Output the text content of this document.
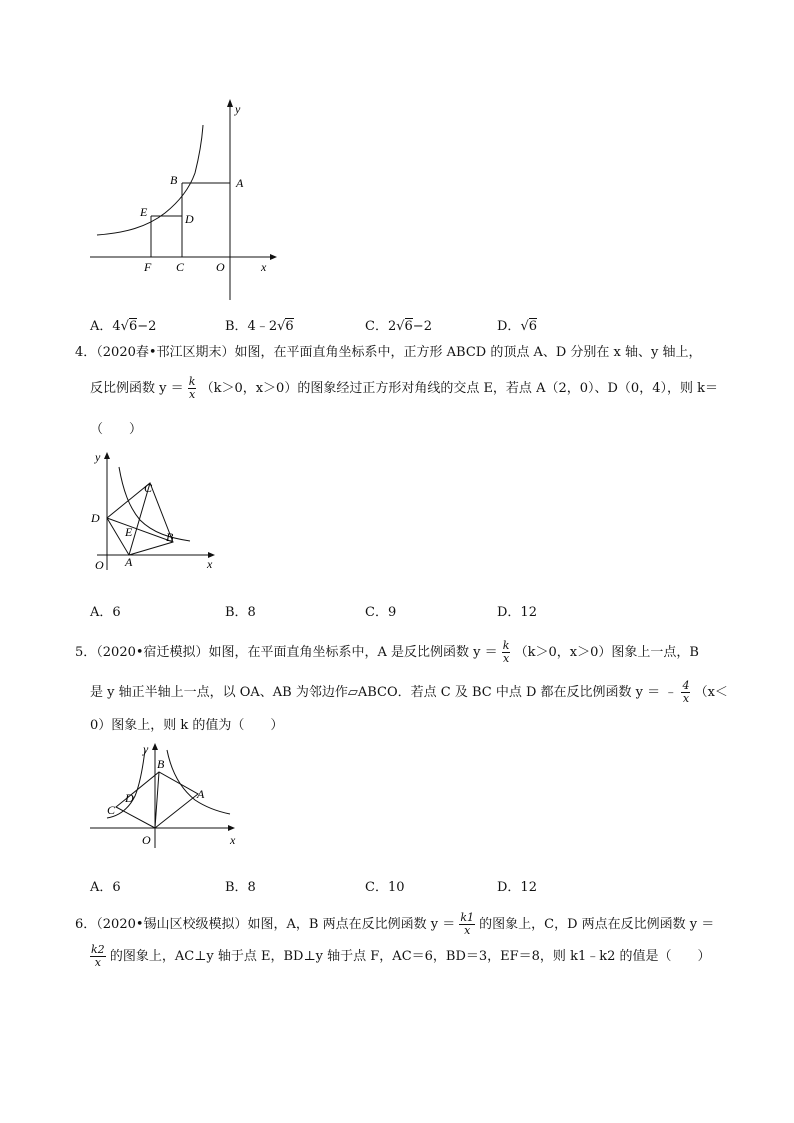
y
A
B
E	D
F C	O	x
A．4√6−2	B．4﹣2√6	C．2√6−2	D．√6
4．（2020春•邗江区期末）如图，在平面直角坐标系中，正方形 ABCD 的顶点 A、D 分别在 x 轴、y 轴上，
反比例函数 $y = \frac{k}{x} (k>0$，x＞0）的图象经过正方形对角线的交点 E，若点 A（2，0）、D（0，4），则 k＝
（　　）
y
C
D
E	B
O A	x
A．6	B．8	C．9	D．12
5．（2020•宿迁模拟）如图，在平面直角坐标系中，A 是反比例函数 $y = \frac{k}{x} (k>0$，x＞0）图象上一点，B
是 y 轴正半轴上一点，以 OA、AB 为邻边作▱ABCO．若点 C 及 BC 中点 D 都在反比例函数 y ＝ ﹣ $\frac{4}{x} (x<$
0）图象上，则 k 的值为（　　）
y
B
D
C
A
O	x
A．6	B．8	C．10	D．12
6．（2020•锡山区校级模拟）如图，A，B 两点在反比例函数 $y = \frac{k1}{x}$ 的图象上，C，D 两点在反比例函数 y ＝
$\frac{k2}{x}$ 的图象上，AC⊥y 轴于点 E，BD⊥y 轴于点 F，AC＝6，BD＝3，EF＝8，则 k1﹣k2 的值是（　　）
